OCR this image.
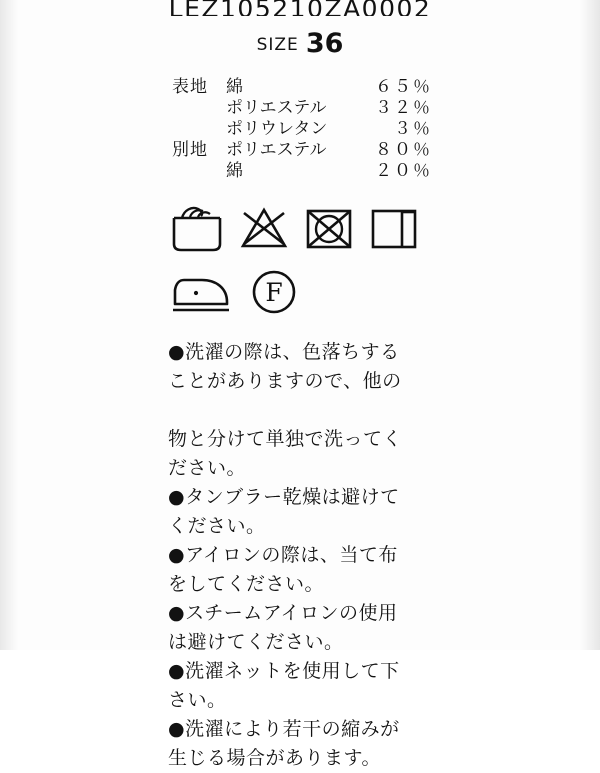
LEZ105210ZA0002
SIZE 36
表地	綿	６５％
	ポリエステル	３２％
	ポリウレタン	３％
別地	ポリエステル	８０％
	綿	２０％
F
●洗濯の際は、色落ちする
ことがありますので、他の
物と分けて単独で洗ってく
ださい。
●タンブラー乾燥は避けて
ください。
●アイロンの際は、当て布
をしてください。
●スチームアイロンの使用
は避けてください。
●洗濯ネットを使用して下
さい。
●洗濯により若干の縮みが
生じる場合があります。
